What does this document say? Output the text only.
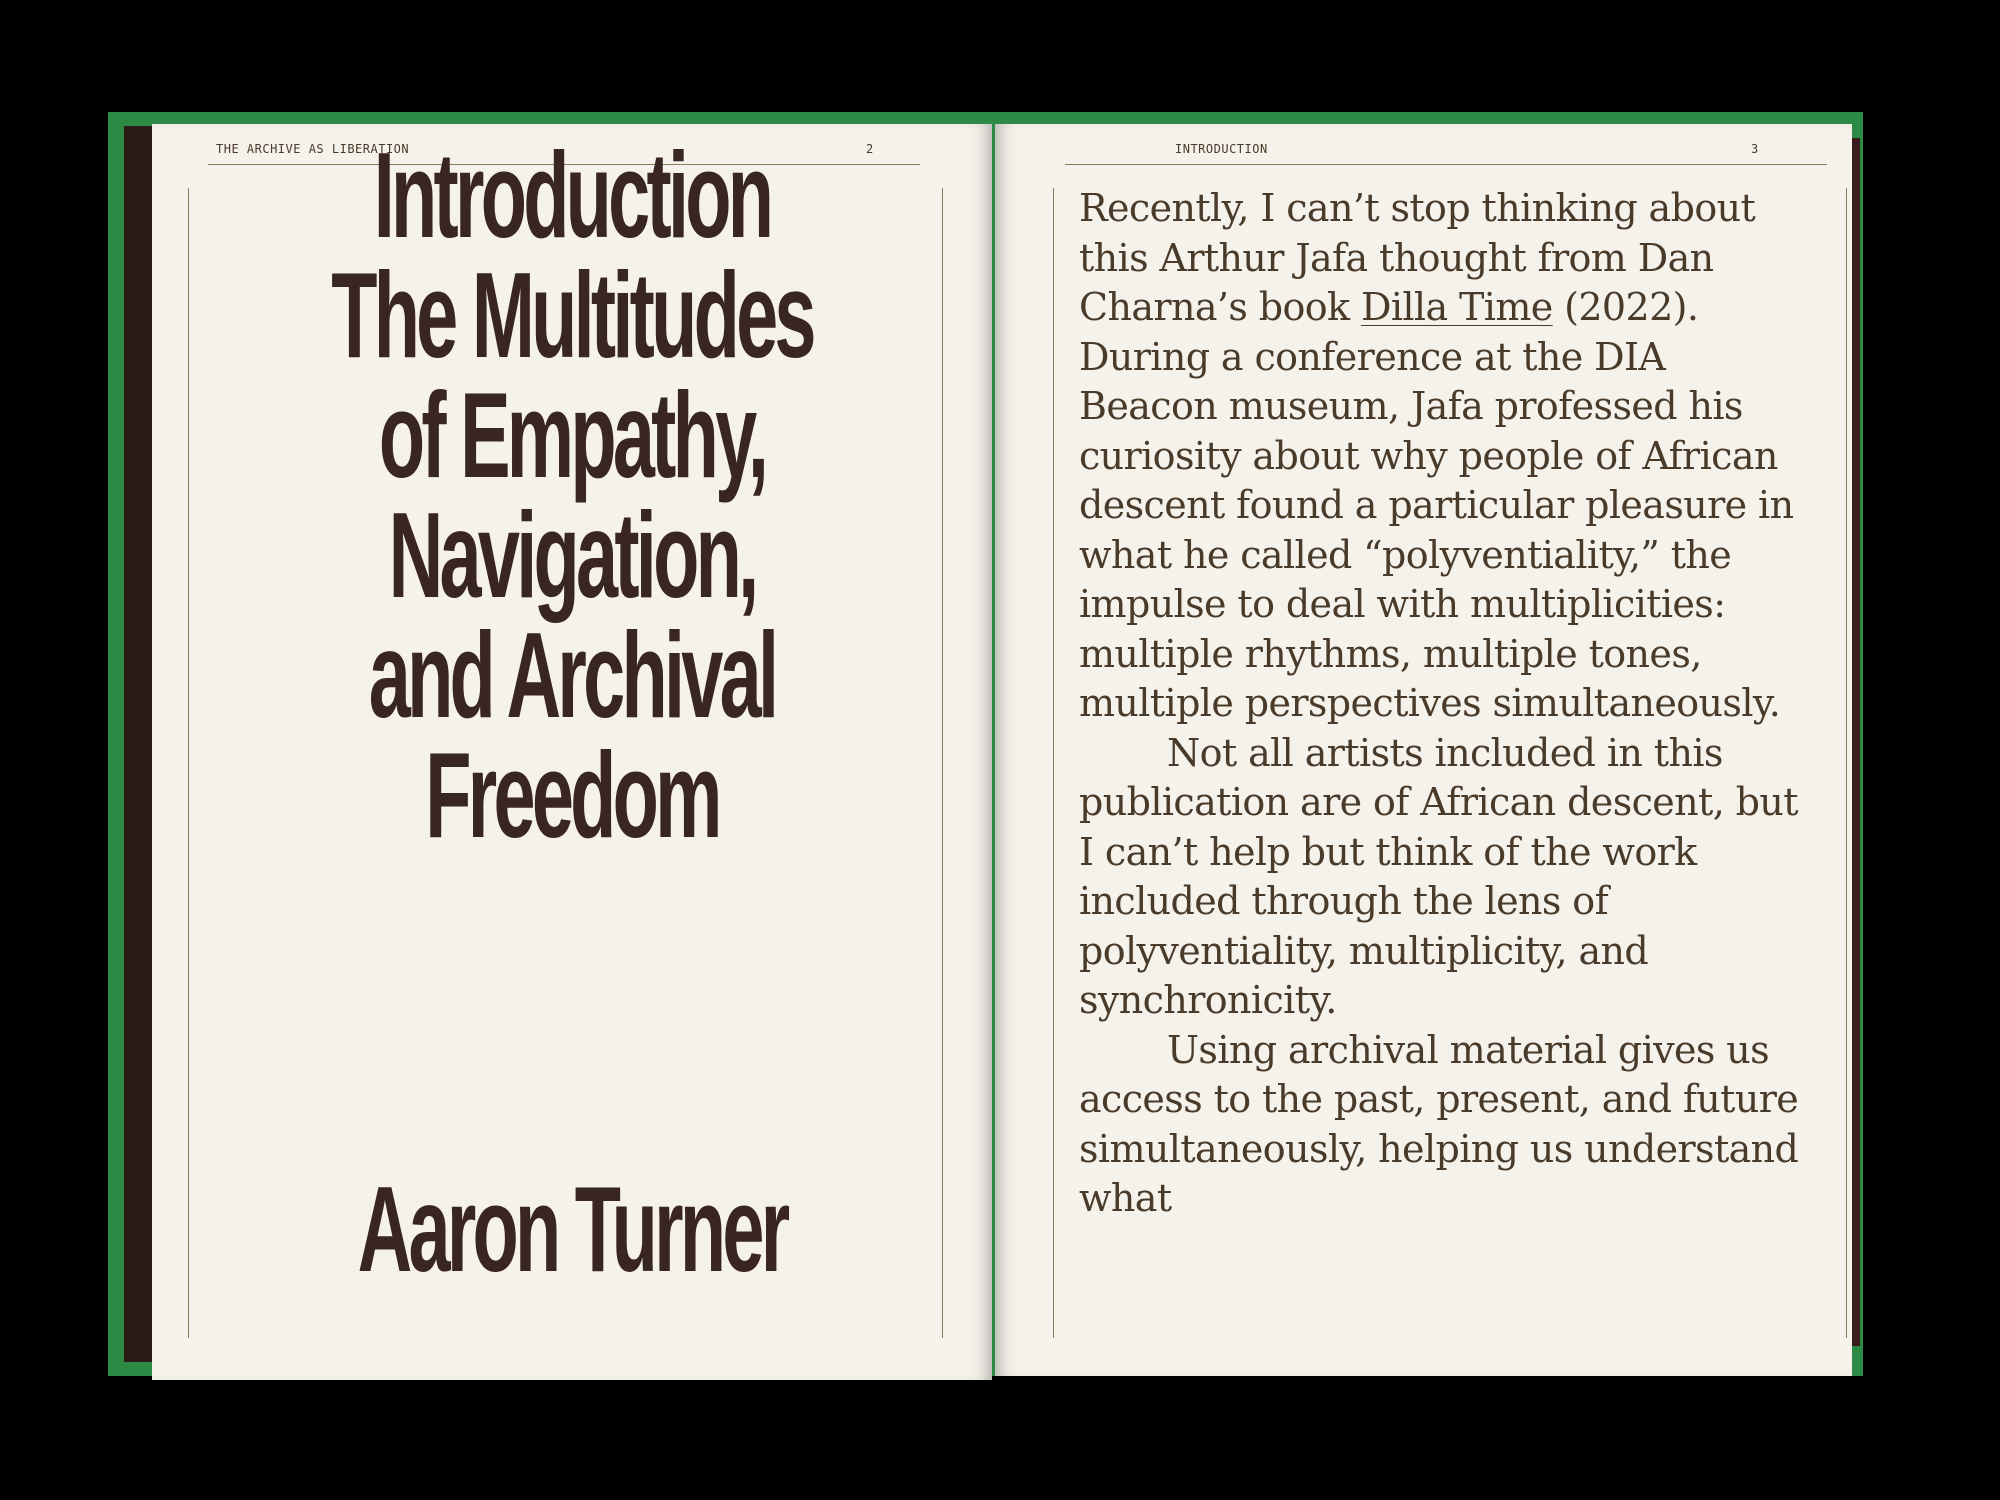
THE ARCHIVE AS LIBERATION	2
Introduction
The Multitudes
of Empathy,
Navigation,
and Archival
Freedom
Aaron Turner
INTRODUCTION	3

Recently, I can’t stop thinking about this Arthur Jafa thought from Dan Charna’s book Dilla Time (2022). During a conference at the DIA Beacon museum, Jafa professed his curiosity about why people of African descent found a particular pleasure in what he called “polyventiality,” the impulse to deal with multiplicities: multiple rhythms, multiple tones, multiple perspectives simultaneously.

Not all artists included in this publication are of African descent, but I can’t help but think of the work included through the lens of polyventiality, multiplicity, and synchronicity.

Using archival material gives us access to the past, present, and future simultaneously, helping us understand what
